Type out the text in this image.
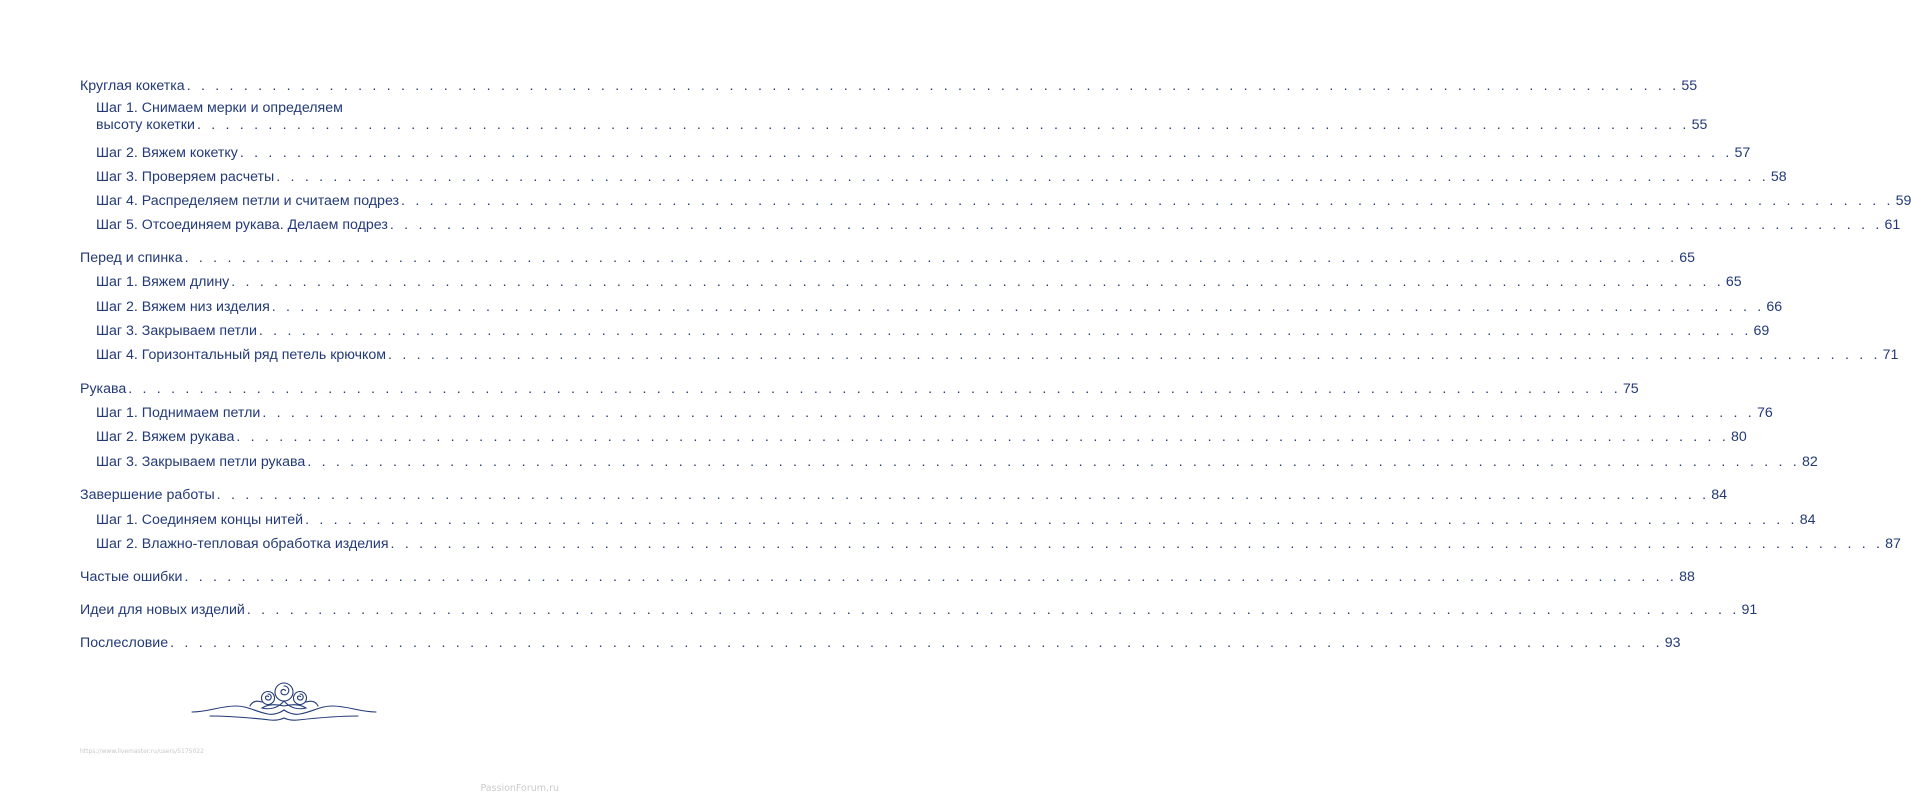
Круглая кокетка . . .	55
Шаг 1. Снимаем мерки и определяем
высоту кокетки . . .	55
Шаг 2. Вяжем кокетку . . .	57
Шаг 3. Проверяем расчеты . . .	58
Шаг 4. Распределяем петли и считаем подрез . . .	59
Шаг 5. Отсоединяем рукава. Делаем подрез . . .	61
Перед и спинка . . .	65
Шаг 1. Вяжем длину . . .	65
Шаг 2. Вяжем низ изделия . . .	66
Шаг 3. Закрываем петли . . .	69
Шаг 4. Горизонтальный ряд петель крючком . . .	71
Рукава . . .	75
Шаг 1. Поднимаем петли . . .	76
Шаг 2. Вяжем рукава . . .	80
Шаг 3. Закрываем петли рукава . . .	82
Завершение работы . . .	84
Шаг 1. Соединяем концы нитей . . .	84
Шаг 2. Влажно-тепловая обработка изделия . . .	87
Частые ошибки . . .	88
Идеи для новых изделий . . .	91
Послесловие . . .	93
https://www.livemaster.ru/users/5175022
PassionForum.ru
